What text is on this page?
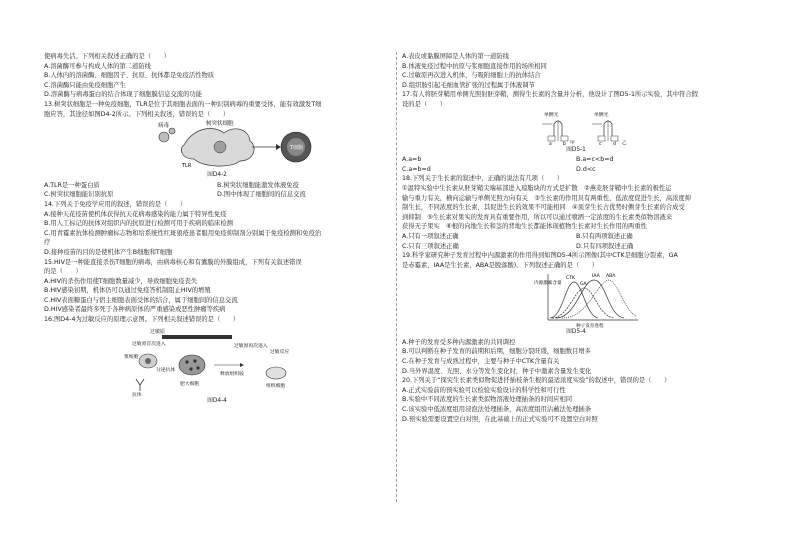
使病毒失活。下列相关叙述正确的是（　　）
A.溶菌酶可参与构成人体的第二道防线
B.人体内的溶菌酶、细胞因子、抗原、抗体都是免疫活性物质
C.溶菌酶只能由免疫细胞产生
D.溶菌酶与病毒蛋白的结合体现了细胞膜信息交流的功能
13.树突状细胞是一种免疫细胞，TLR是位于其细胞表面的一种识别病毒的重要受体，能有效激发T细
胞应答，其途径如图D4-2所示。下列相关叙述，错误的是（　　）
病毒	树突状细胞
TLR
T细胞
图D4-2
A.TLR是一种蛋白质	B.树突状细胞能激发体液免疫
C.树突状细胞能识别抗原	D.图中体现了细胞间的信息交流
14.下列关于免疫学应用的叙述，错误的是（　　）
A.接种天花疫苗使机体获得抗天花病毒感染的能力属于特异性免疫
B.用人工标记的抗体对组织内的抗原进行检测可用于疾病的临床检测
C.用青霉素抗体检测肿瘤标志物和给系统性红斑狼疮患者服用免疫抑制剂分别属于免疫检测和免疫治
疗
D.接种疫苗的目的是使机体产生B细胞和T细胞
15.HIV是一种能直接杀伤T细胞的病毒，由病毒核心和有囊膜的外膜组成，下列有关叙述错误
的是（　　）
A.HIV的杀伤作用使T细胞数量减少，导致细胞免疫丧失
B.HIV感染初期，机体仍可以通过免疫答机制阻止HIV的增殖
C.HIV表面糖蛋白与宿主细胞表面受体的结合，属于细胞间的信息交流
D.HIV感染者最终多死于各种病原体的严重感染或恶性肿瘤等疾病
16.图D4-4为过敏反应的原理示意图。下列相关叙述错误的是（　　）
过敏原
过敏原首次进入
浆细胞
分泌抗体
抗体
肥大细胞
过敏原再次进入
释放组织胺
组织细胞
过敏反应
图D4-4
A.表皮或黏膜屏障是人体的第一道防线
B.体液免疫过程中抗原与浆细胞直接作用的场所相同
C.过敏原再次进入机体，与吸附细胞上的抗体结合
D.组织胺引起毛细血管扩张的过程属于体液调节
17.有人将胚芽鞘用单侧光照射胚芽鞘，测得生长素的含量并分析，他设计了图D5-1所示实验，其中符合假
设的是（　　）
单侧光	单侧光
a b	c	d
甲	乙
图D5-1
A.a=b	B.a=c<b=d
C.a=b=d	D.d<c
18.下列关于生长素的叙述中，正确的说法有几项（　　）
①温特实验中生长素从胚芽鞘尖端基部进入琼脂块的方式是扩散　②燕麦胚芽鞘中生长素的极性运
输与重力有关，横向运输与单侧光照方向有关　③生长素的作用具有两重性，低浓度促进生长，高浓度抑
制生长，不同浓度的生长素，其促进生长的效果不可能相同　④顶芽生长占优势时侧芽生长素的合成受
到抑制　⑤生长素对果实的发育具有重要作用，所以可以通过喷洒一定浓度的生长素类似物溶液来
获得无子果实　⑥根的向地生长和茎的背地生长都能体现植物生长素对生长作用的两重性
A.只有一项叙述正确	B.只有两项叙述正确
C.只有三项叙述正确	D.只有四项叙述正确
19.科学家研究种子发育过程中内源激素的作用得到如图D5-4所示图像(其中CTK是细胞分裂素，GA
是赤霉素，IAA是生长素，ABA是脱落酸)。下列叙述正确的是（　　）
内源激素含量
种子发育进程
CTK
GA
IAA ABA
图D5-4
A.种子的发育受多种内源激素的共同调控
B.可以判断在种子发育的前期和后期，细胞分裂旺盛，细胞数目增多
C.在种子发育与成熟过程中，主要与种子中CTK含量有关
D.当外界温度、光照、水分等发生变化时，种子中激素含量发生变化
20.下列关于“探究生长素类似物促进扦插枝条生根的最适浓度实验”的叙述中，错误的是（　　）
A.正式实验前的预实验可以检验实验设计的科学性和可行性
B.实验中不同浓度的生长素类似物溶液处理插条的时间应相同
C.该实验中低浓度组用浸泡法处理插条，高浓度组用沾蘸法处理插条
D.预实验需要设置空白对照，在此基础上的正式实验可不设置空白对照
